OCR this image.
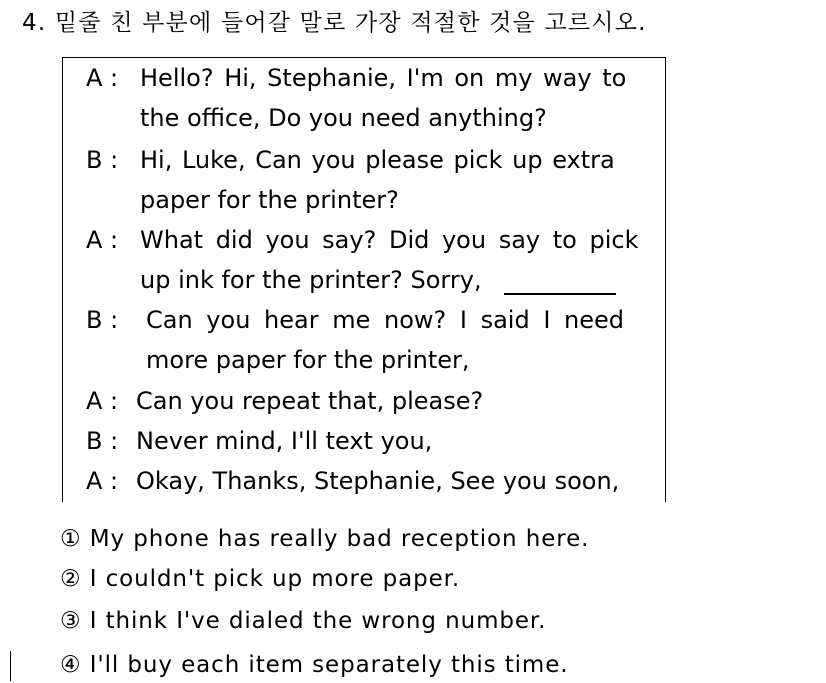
4. 밑줄 친 부분에 들어갈 말로 가장 적절한 것을 고르시오.
A : Hello? Hi, Stephanie, I'm on my way to
the office, Do you need anything?
B : Hi, Luke, Can you please pick up extra
paper for the printer?
A : What did you say? Did you say to pick
up ink for the printer? Sorry,
B : Can you hear me now? I said I need
more paper for the printer,
A : Can you repeat that, please?
B : Never mind, I'll text you,
A : Okay, Thanks, Stephanie, See you soon,
① My phone has really bad reception here.
② I couldn't pick up more paper.
③ I think I've dialed the wrong number.
④ I'll buy each item separately this time.
